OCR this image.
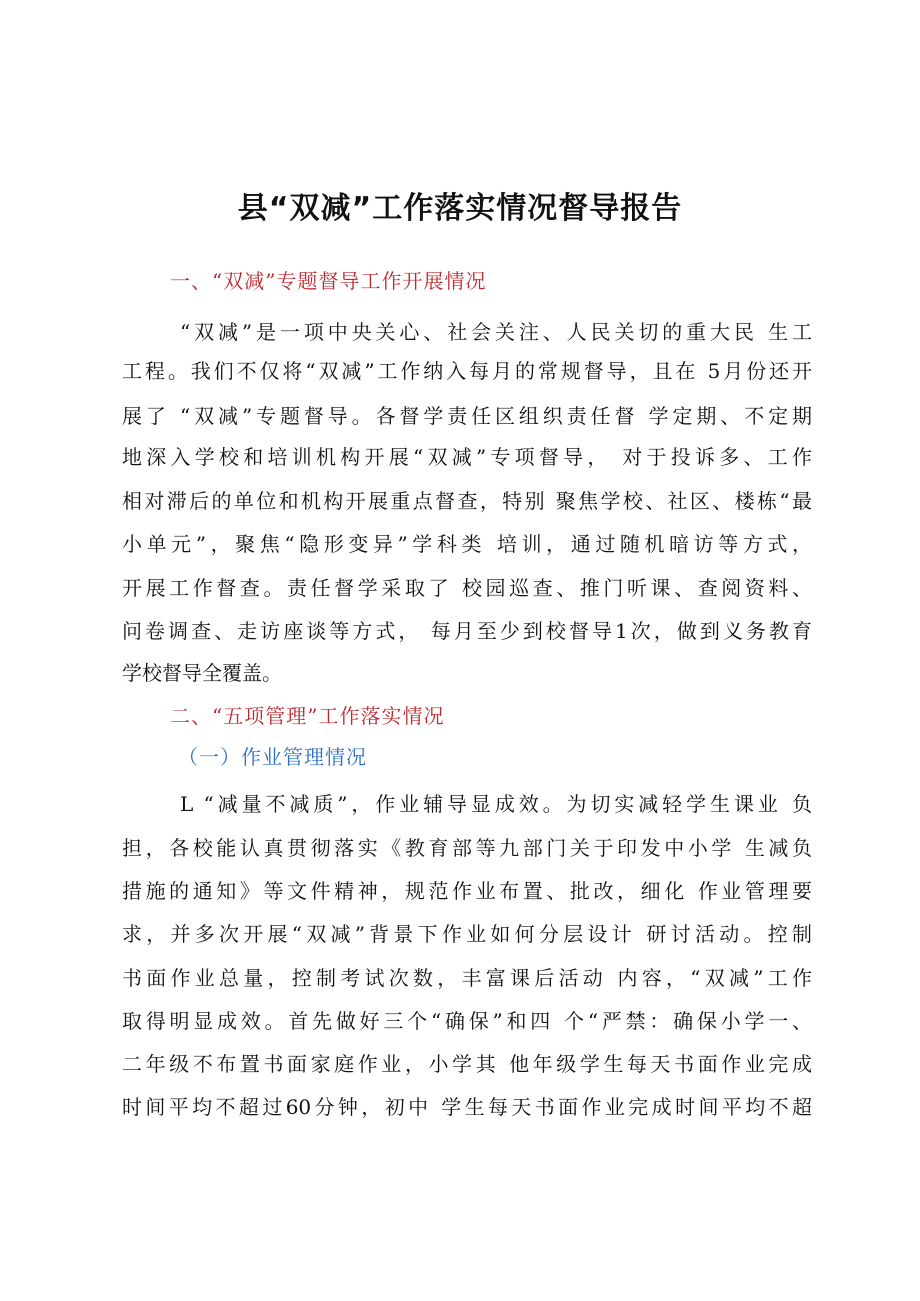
县“双减”工作落实情况督导报告
一、“双减”专题督导工作开展情况
“双减”是一项中央关心、社会关注、人民关切的重大民 生工
工程。我们不仅将“双减”工作纳入每月的常规督导，且在 5月份还开
展了 “双减”专题督导。各督学责任区组织责任督 学定期、不定期
地深入学校和培训机构开展“双减”专项督导， 对于投诉多、工作
相对滞后的单位和机构开展重点督查，特别 聚焦学校、社区、楼栋“最
小单元”，聚焦“隐形变异”学科类 培训，通过随机暗访等方式，
开展工作督查。责任督学采取了 校园巡查、推门听课、查阅资料、
问卷调查、走访座谈等方式， 每月至少到校督导1次，做到义务教育
学校督导全覆盖。
二、“五项管理”工作落实情况
（一）作业管理情况
L “减量不减质”，作业辅导显成效。为切实减轻学生课业 负
担，各校能认真贯彻落实《教育部等九部门关于印发中小学 生减负
措施的通知》等文件精神，规范作业布置、批改，细化 作业管理要
求，并多次开展“双减”背景下作业如何分层设计 研讨活动。控制
书面作业总量，控制考试次数，丰富课后活动 内容，“双减”工作
取得明显成效。首先做好三个“确保”和四 个“严禁：确保小学一、
二年级不布置书面家庭作业，小学其 他年级学生每天书面作业完成
时间平均不超过60分钟，初中 学生每天书面作业完成时间平均不超
